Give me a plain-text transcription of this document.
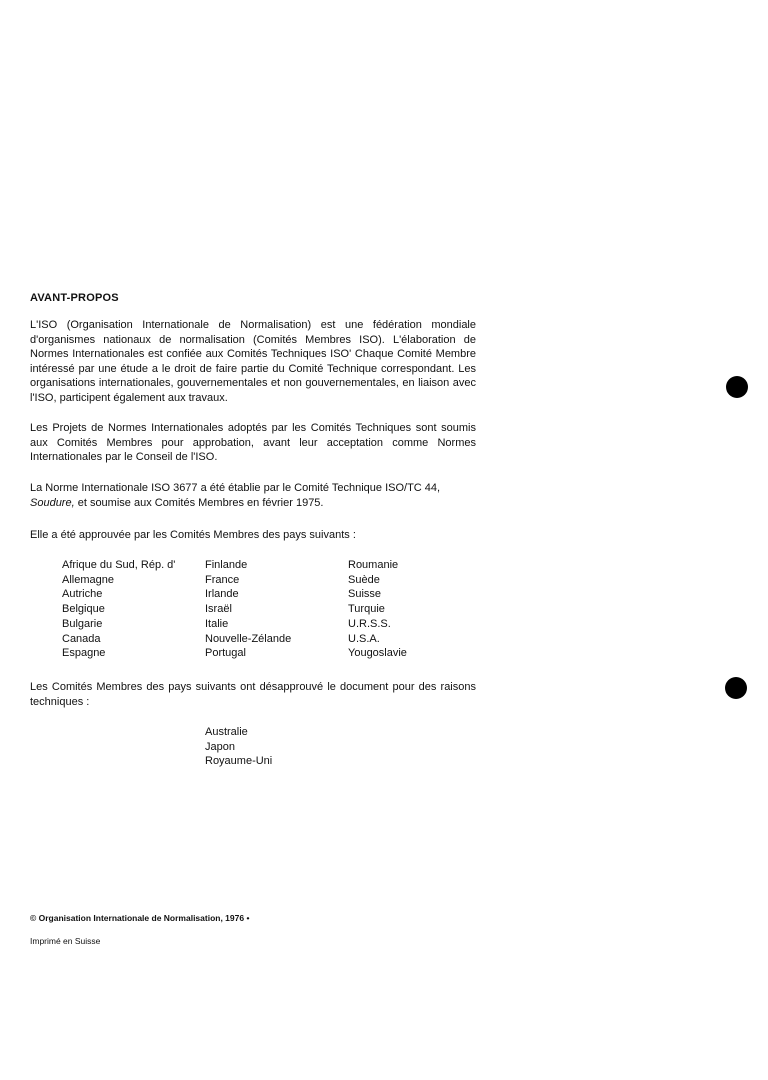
AVANT-PROPOS

L'ISO (Organisation Internationale de Normalisation) est une fédération mondiale d'organismes nationaux de normalisation (Comités Membres ISO). L'élaboration de Normes Internationales est confiée aux Comités Techniques ISO' Chaque Comité Membre intéressé par une étude a le droit de faire partie du Comité Technique correspondant. Les organisations internationales, gouvernementales et non gouvernementales, en liaison avec l'ISO, participent également aux travaux.

Les Projets de Normes Internationales adoptés par les Comités Techniques sont soumis aux Comités Membres pour approbation, avant leur acceptation comme Normes Internationales par le Conseil de l'ISO.

La Norme Internationale ISO 3677 a été établie par le Comité Technique ISO/TC 44,
Soudure, et soumise aux Comités Membres en février 1975.

Elle a été approuvée par les Comités Membres des pays suivants :

Afrique du Sud, Rép. d'
Allemagne
Autriche
Belgique
Bulgarie
Canada
Espagne
Finlande
France
Irlande
Israël
Italie
Nouvelle-Zélande
Portugal
Roumanie
Suède
Suisse
Turquie
U.R.S.S.
U.S.A.
Yougoslavie

Les Comités Membres des pays suivants ont désapprouvé le document pour des raisons techniques :

Australie
Japon
Royaume-Uni
© Organisation Internationale de Normalisation, 1976 •
Imprimé en Suisse
